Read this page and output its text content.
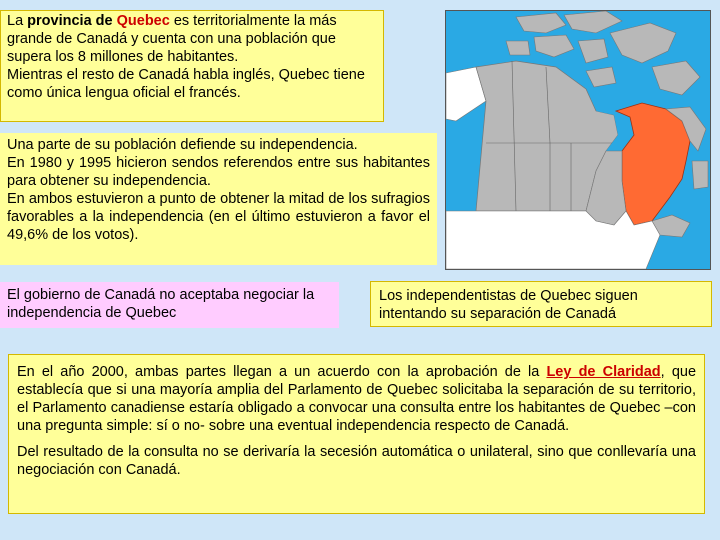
La provincia de Quebec es territorialmente la más grande de Canadá y cuenta con una población que supera los 8 millones de habitantes.

Mientras el resto de Canadá habla inglés, Quebec tiene como única lengua oficial el francés.

Una parte de su población defiende su independencia.

En 1980 y 1995 hicieron sendos referendos entre sus habitantes para obtener su independencia.

En ambos estuvieron a punto de obtener la mitad de los sufragios favorables a la independencia (en el último estuvieron a favor el 49,6% de los votos).

El gobierno de Canadá no aceptaba negociar la independencia de Quebec

Los independentistas de Quebec siguen intentando su separación de Canadá

En el año 2000, ambas partes llegan a un acuerdo con la aprobación de la Ley de Claridad, que establecía que si una mayoría amplia del Parlamento de Quebec solicitaba la separación de su territorio, el Parlamento canadiense estaría obligado a convocar una consulta entre los habitantes de Quebec –con una pregunta simple: sí o no- sobre una eventual independencia respecto de Canadá.

Del resultado de la consulta no se derivaría la secesión automática o unilateral, sino que conllevaría una negociación con Canadá.
